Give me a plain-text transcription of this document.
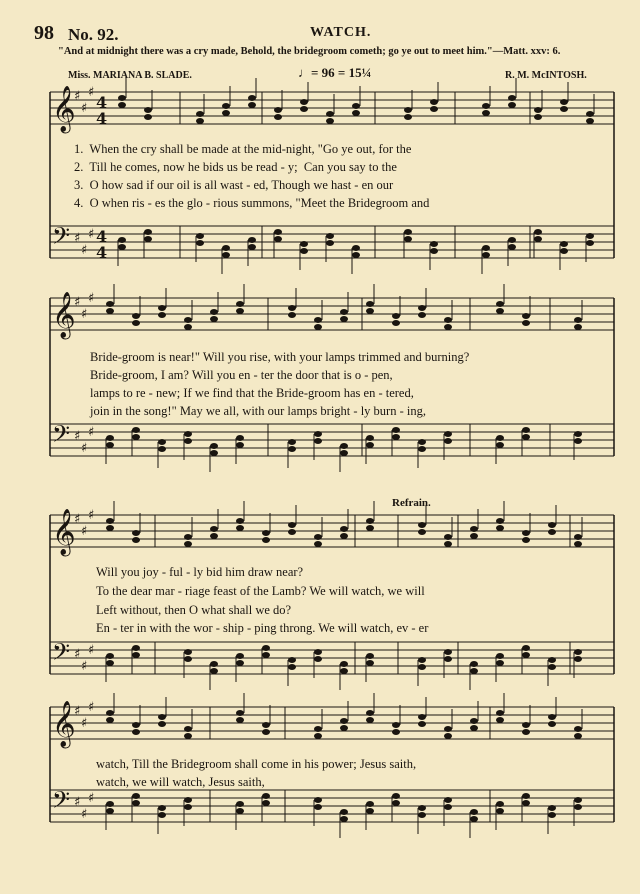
98 No. 92.	WATCH.
"And at midnight there was a cry made, Behold, the bridegroom cometh; go ye out to meet him."—Matt. xxv: 6.
Miss. MARIANA B. SLADE.	♩= 96 = 15¼	R. M. McINTOSH.
Refrain.
𝄞
♯
♯
♯
4
4
𝄢 ♯
♯
♯ 4
4
𝄞
♯
♯
♯
𝄢 ♯
♯
♯
𝄞
♯
♯
♯
𝄢 ♯
♯
♯
𝄞
♯
♯
♯
𝄢 ♯
♯
♯
1.  When the cry shall be made at the mid-night, "Go ye out, for the
2.  Till he comes, now he bids us be read - y;  Can you say to the
3.  O how sad if our oil is all wast - ed, Though we hast - en our
4.  O when ris - es the glo - rious summons, "Meet the Bridegroom and
Bride-groom is near!" Will you rise, with your lamps trimmed and burning?
Bride-groom, I am? Will you en - ter the door that is o - pen,
lamps to re - new; If we find that the Bride-groom has en - tered,
join in the song!" May we all, with our lamps bright - ly burn - ing,
Will you joy - ful - ly bid him draw near?
To the dear mar - riage feast of the Lamb? We will watch, we will
Left without, then O what shall we do?
En - ter in with the wor - ship - ping throng. We will watch, ev - er
watch, Till the Bridegroom shall come in his power; Jesus saith,
watch, we will watch, Jesus saith,
